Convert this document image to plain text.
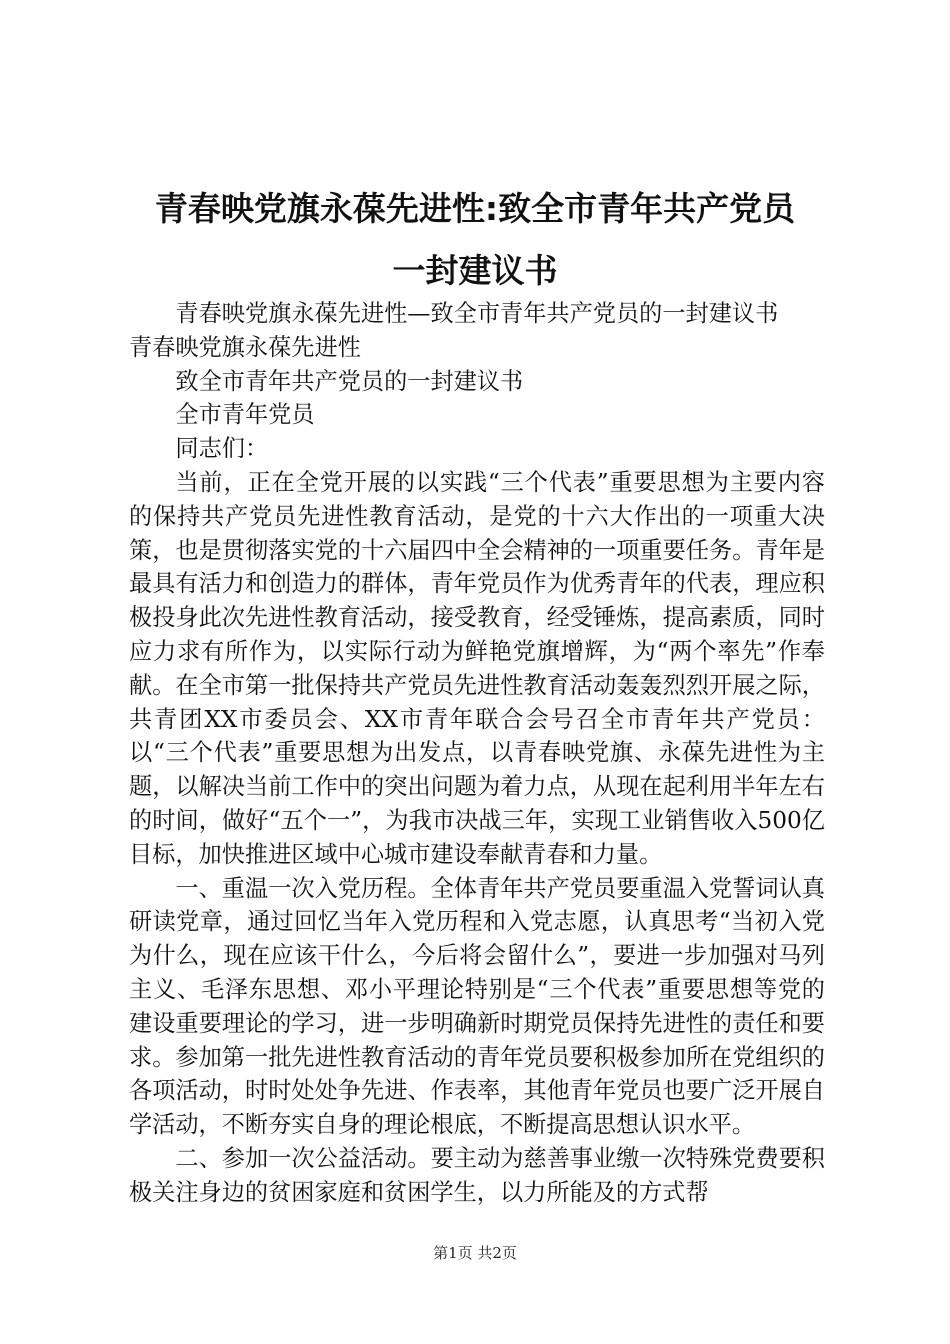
青春映党旗永葆先进性:致全市青年共产党员
一封建议书

青春映党旗永葆先进性—致全市青年共产党员的一封建议书

青春映党旗永葆先进性

致全市青年共产党员的一封建议书

全市青年党员

同志们：

当前，正在全党开展的以实践“三个代表”重要思想为主要内容的保持共产党员先进性教育活动，是党的十六大作出的一项重大决策，也是贯彻落实党的十六届四中全会精神的一项重要任务。青年是最具有活力和创造力的群体，青年党员作为优秀青年的代表，理应积极投身此次先进性教育活动，接受教育，经受锤炼，提高素质，同时应力求有所作为，以实际行动为鲜艳党旗增辉，为“两个率先”作奉献。在全市第一批保持共产党员先进性教育活动轰轰烈烈开展之际，共青团XX市委员会、XX市青年联合会号召全市青年共产党员：以“三个代表”重要思想为出发点，以青春映党旗、永葆先进性为主题，以解决当前工作中的突出问题为着力点，从现在起利用半年左右的时间，做好“五个一”，为我市决战三年，实现工业销售收入500亿目标，加快推进区域中心城市建设奉献青春和力量。

一、重温一次入党历程。全体青年共产党员要重温入党誓词认真研读党章，通过回忆当年入党历程和入党志愿，认真思考“当初入党为什么，现在应该干什么，今后将会留什么”，要进一步加强对马列主义、毛泽东思想、邓小平理论特别是“三个代表”重要思想等党的建设重要理论的学习，进一步明确新时期党员保持先进性的责任和要求。参加第一批先进性教育活动的青年党员要积极参加所在党组织的各项活动，时时处处争先进、作表率，其他青年党员也要广泛开展自学活动，不断夯实自身的理论根底，不断提高思想认识水平。

二、参加一次公益活动。要主动为慈善事业缴一次特殊党费要积极关注身边的贫困家庭和贫困学生，以力所能及的方式帮

第1页 共2页
